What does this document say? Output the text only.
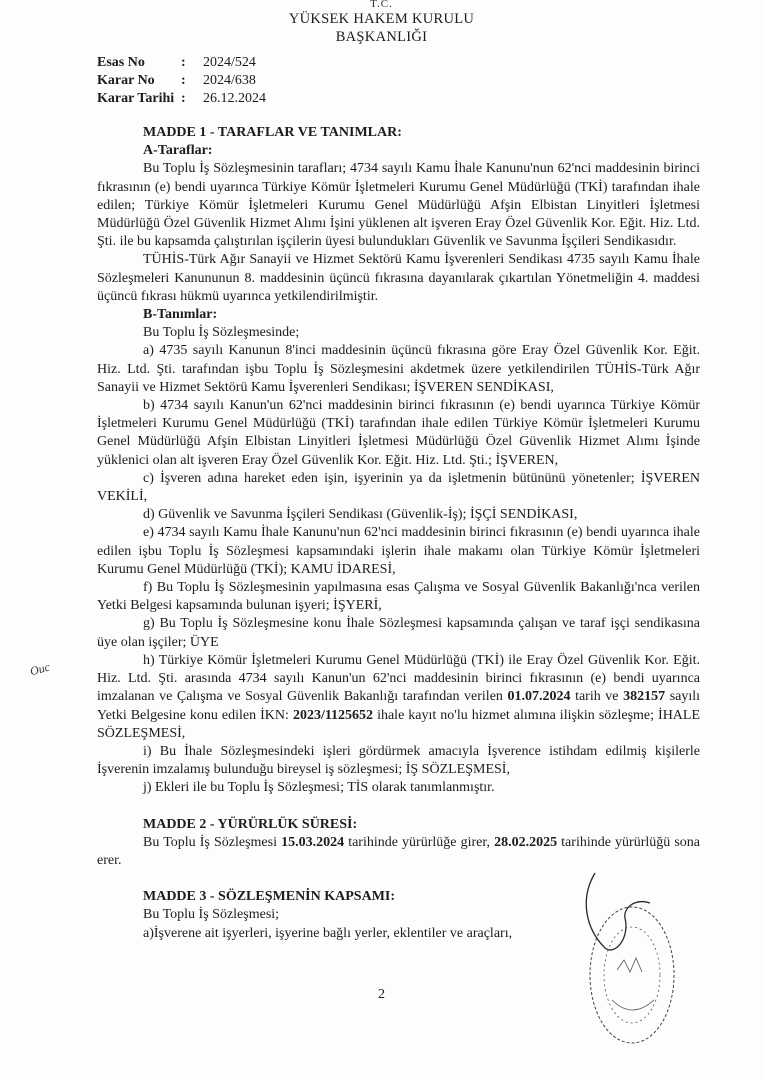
T.C.
YÜKSEK HAKEM KURULU
BAŞKANLIĞI
Esas No	: 2024/524
Karar No : 2024/638
Karar Tarihi : 26.12.2024

MADDE 1 - TARAFLAR VE TANIMLAR:

A-Taraflar:

Bu Toplu İş Sözleşmesinin tarafları; 4734 sayılı Kamu İhale Kanunu'nun 62'nci maddesinin birinci fıkrasının (e) bendi uyarınca Türkiye Kömür İşletmeleri Kurumu Genel Müdürlüğü (TKİ) tarafından ihale edilen; Türkiye Kömür İşletmeleri Kurumu Genel Müdürlüğü Afşin Elbistan Linyitleri İşletmesi Müdürlüğü Özel Güvenlik Hizmet Alımı İşini yüklenen alt işveren Eray Özel Güvenlik Kor. Eğit. Hiz. Ltd. Şti. ile bu kapsamda çalıştırılan işçilerin üyesi bulundukları Güvenlik ve Savunma İşçileri Sendikasıdır.

TÜHİS-Türk Ağır Sanayii ve Hizmet Sektörü Kamu İşverenleri Sendikası 4735 sayılı Kamu İhale Sözleşmeleri Kanununun 8. maddesinin üçüncü fıkrasına dayanılarak çıkartılan Yönetmeliğin 4. maddesi üçüncü fıkrası hükmü uyarınca yetkilendirilmiştir.

B-Tanımlar:

Bu Toplu İş Sözleşmesinde;

a) 4735 sayılı Kanunun 8'inci maddesinin üçüncü fıkrasına göre Eray Özel Güvenlik Kor. Eğit. Hiz. Ltd. Şti. tarafından işbu Toplu İş Sözleşmesini akdetmek üzere yetkilendirilen TÜHİS-Türk Ağır Sanayii ve Hizmet Sektörü Kamu İşverenleri Sendikası; İŞVEREN SENDİKASI,

b) 4734 sayılı Kanun'un 62'nci maddesinin birinci fıkrasının (e) bendi uyarınca Türkiye Kömür İşletmeleri Kurumu Genel Müdürlüğü (TKİ) tarafından ihale edilen Türkiye Kömür İşletmeleri Kurumu Genel Müdürlüğü Afşin Elbistan Linyitleri İşletmesi Müdürlüğü Özel Güvenlik Hizmet Alımı İşinde yüklenici olan alt işveren Eray Özel Güvenlik Kor. Eğit. Hiz. Ltd. Şti.; İŞVEREN,

c) İşveren adına hareket eden işin, işyerinin ya da işletmenin bütününü yönetenler; İŞVEREN VEKİLİ,

d) Güvenlik ve Savunma İşçileri Sendikası (Güvenlik-İş); İŞÇİ SENDİKASI,

e) 4734 sayılı Kamu İhale Kanunu'nun 62'nci maddesinin birinci fıkrasının (e) bendi uyarınca ihale edilen işbu Toplu İş Sözleşmesi kapsamındaki işlerin ihale makamı olan Türkiye Kömür İşletmeleri Kurumu Genel Müdürlüğü (TKİ); KAMU İDARESİ,

f) Bu Toplu İş Sözleşmesinin yapılmasına esas Çalışma ve Sosyal Güvenlik Bakanlığı'nca verilen Yetki Belgesi kapsamında bulunan işyeri; İŞYERİ,

g) Bu Toplu İş Sözleşmesine konu İhale Sözleşmesi kapsamında çalışan ve taraf işçi sendikasına üye olan işçiler; ÜYE

h) Türkiye Kömür İşletmeleri Kurumu Genel Müdürlüğü (TKİ) ile Eray Özel Güvenlik Kor. Eğit. Hiz. Ltd. Şti. arasında 4734 sayılı Kanun'un 62'nci maddesinin birinci fıkrasının (e) bendi uyarınca imzalanan ve Çalışma ve Sosyal Güvenlik Bakanlığı tarafından verilen 01.07.2024 tarih ve 382157 sayılı Yetki Belgesine konu edilen İKN: 2023/1125652 ihale kayıt no'lu hizmet alımına ilişkin sözleşme; İHALE SÖZLEŞMESİ,

i) Bu İhale Sözleşmesindeki işleri gördürmek amacıyla İşverence istihdam edilmiş kişilerle İşverenin imzalamış bulunduğu bireysel iş sözleşmesi; İŞ SÖZLEŞMESİ,

j) Ekleri ile bu Toplu İş Sözleşmesi; TİS olarak tanımlanmıştır.

MADDE 2 - YÜRÜRLÜK SÜRESİ:

Bu Toplu İş Sözleşmesi 15.03.2024 tarihinde yürürlüğe girer, 28.02.2025 tarihinde yürürlüğü sona erer.

MADDE 3 - SÖZLEŞMENİN KAPSAMI:

Bu Toplu İş Sözleşmesi;

a)İşverene ait işyerleri, işyerine bağlı yerler, eklentiler ve araçları,

Ouc
2
